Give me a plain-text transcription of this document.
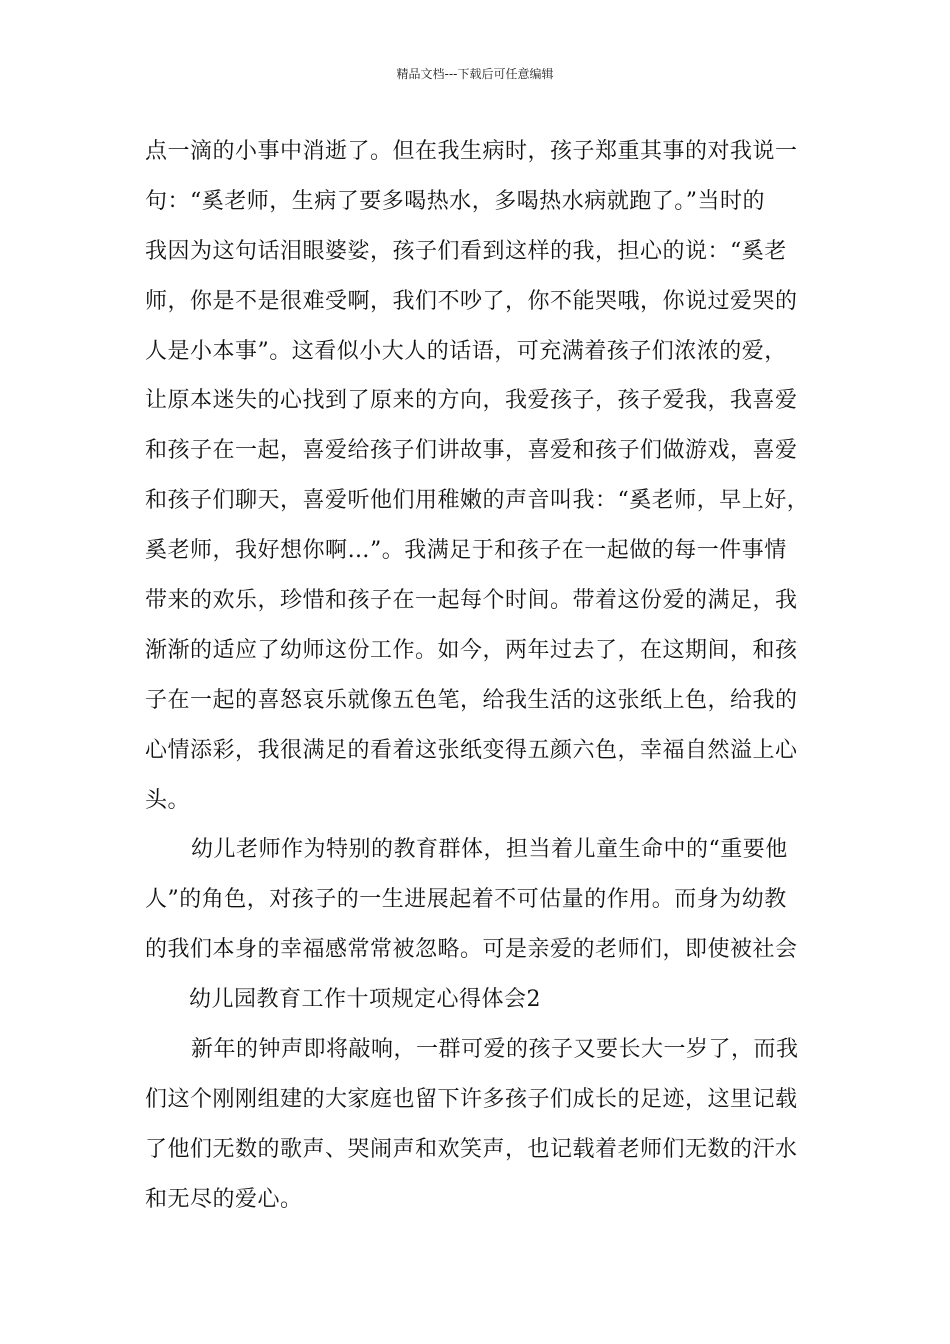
精品文档---下载后可任意编辑
点一滴的小事中消逝了。但在我生病时，孩子郑重其事的对我说一
句：“奚老师，生病了要多喝热水，多喝热水病就跑了。”当时的
我因为这句话泪眼婆娑，孩子们看到这样的我，担心的说：“奚老
师，你是不是很难受啊，我们不吵了，你不能哭哦，你说过爱哭的
人是小本事”。这看似小大人的话语，可充满着孩子们浓浓的爱，
让原本迷失的心找到了原来的方向，我爱孩子，孩子爱我，我喜爱
和孩子在一起，喜爱给孩子们讲故事，喜爱和孩子们做游戏，喜爱
和孩子们聊天，喜爱听他们用稚嫩的声音叫我：“奚老师，早上好，
奚老师，我好想你啊…”。我满足于和孩子在一起做的每一件事情
带来的欢乐，珍惜和孩子在一起每个时间。带着这份爱的满足，我
渐渐的适应了幼师这份工作。如今，两年过去了，在这期间，和孩
子在一起的喜怒哀乐就像五色笔，给我生活的这张纸上色，给我的
心情添彩，我很满足的看着这张纸变得五颜六色，幸福自然溢上心
头。
幼儿老师作为特别的教育群体，担当着儿童生命中的“重要他
人”的角色，对孩子的一生进展起着不可估量的作用。而身为幼教
的我们本身的幸福感常常被忽略。可是亲爱的老师们，即使被社会
幼儿园教育工作十项规定心得体会2
新年的钟声即将敲响，一群可爱的孩子又要长大一岁了，而我
们这个刚刚组建的大家庭也留下许多孩子们成长的足迹，这里记载
了他们无数的歌声、哭闹声和欢笑声，也记载着老师们无数的汗水
和无尽的爱心。
